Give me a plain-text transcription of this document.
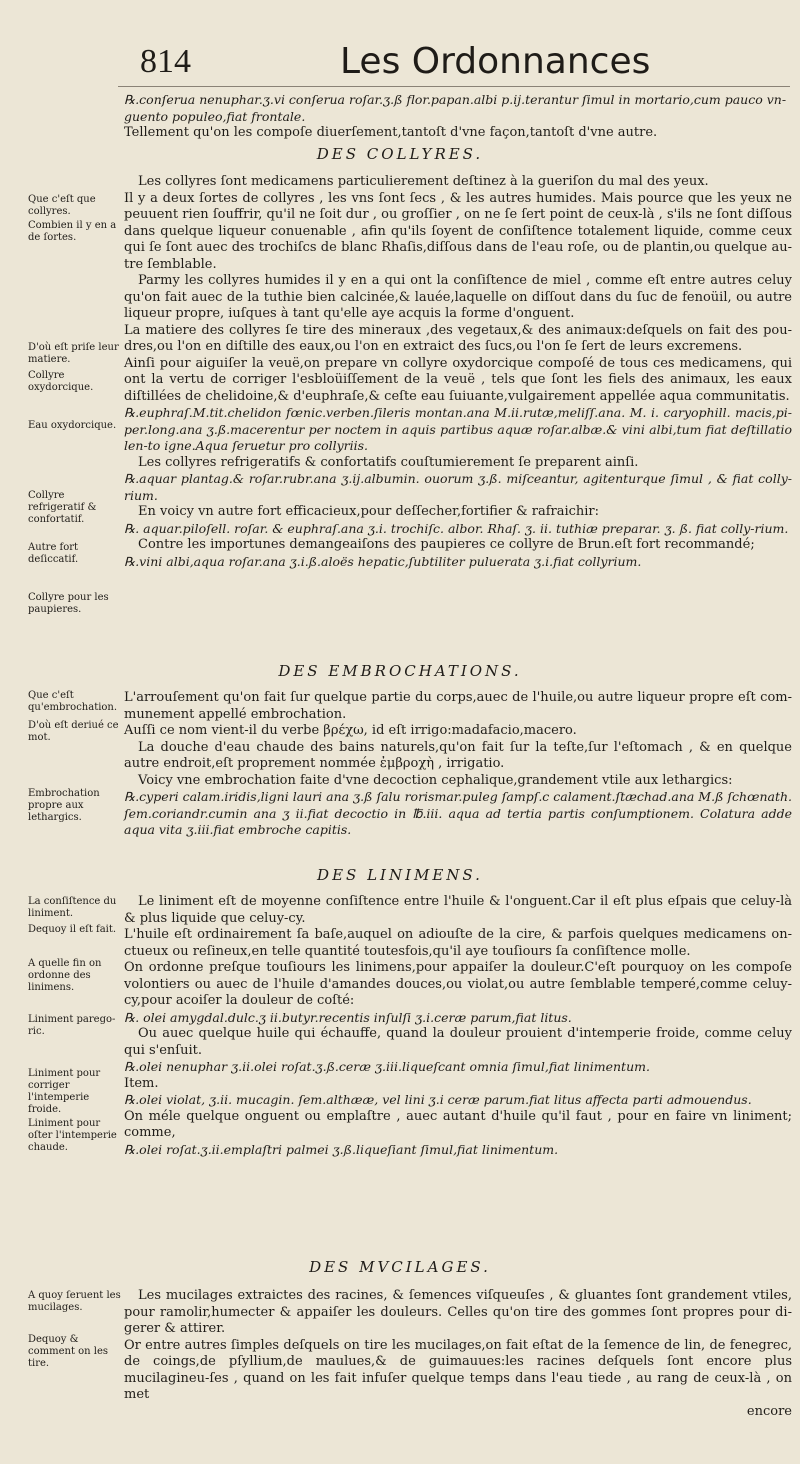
814	Les Ordonnances

℞.conſerua nenuphar.ʒ.vi conſerua roſar.ʒ.ß flor.papan.albi p.ij.terantur ſimul in mortario,cum pauco vn-

guento populeo,fiat frontale.

Tellement qu'on les compoſe diuerſement,tantoſt d'vne façon,tantoſt d'vne autre.

DES COLLYRES.

Les collyres ſont medicamens particulierement deſtinez à la gueriſon du mal des yeux.

Il y a deux ſortes de collyres , les vns ſont ſecs , & les autres humides. Mais pource que les yeux ne peuuent rien ſouffrir, qu'il ne ſoit dur , ou groſſier , on ne ſe ſert point de ceux-là , s'ils ne ſont diſſous dans quelque liqueur conuenable , afin qu'ils ſoyent de conſiſtence totalement liquide, comme ceux qui ſe ſont auec des trochiſcs de blanc Rhaſis,diſſous dans de l'eau roſe, ou de plantin,ou quelque au-tre ſemblable.

Parmy les collyres humides il y en a qui ont la conſiſtence de miel , comme eſt entre autres celuy qu'on fait auec de la tuthie bien calcinée,& lauée,laquelle on diſſout dans du ſuc de fenoüil, ou autre liqueur propre, iuſques à tant qu'elle aye acquis la forme d'onguent.

La matiere des collyres ſe tire des mineraux ,des vegetaux,& des animaux:deſquels on fait des pou-dres,ou l'on en diſtille des eaux,ou l'on en extraict des ſucs,ou l'on ſe ſert de leurs excremens.

Ainſi pour aiguiſer la veuë,on prepare vn collyre oxydorcique compoſé de tous ces medicamens, qui ont la vertu de corriger l'esbloüiſſement de la veuë , tels que ſont les fiels des animaux, les eaux diſtillées de chelidoine,& d'euphraſe,& ceſte eau ſuiuante,vulgairement appellée aqua communitatis.

℞.euphraſ.M.tit.chelidon fœnic.verben.ſileris montan.ana M.ii.rutæ,meliſſ.ana. M. i. caryophill. macis,pi-per.long.ana ʒ.ß.macerentur per noctem in aquis partibus aquæ roſar.albæ.& vini albi,tum fiat deſtillatio len-to igne.Aqua ſeruetur pro collyriis.

Les collyres refrigeratifs & confortatifs couſtumierement ſe preparent ainſi.

℞.aquar plantag.& roſar.rubr.ana ʒ.ij.albumin. ouorum ʒ.ß. miſceantur, agitenturque ſimul , & fiat colly-rium.

En voicy vn autre fort efficacieux,pour deſſecher,fortifier & rafraichir:

℞. aquar.piloſell. roſar. & euphraſ.ana ʒ.i. trochiſc. albor. Rhaſ. ʒ. ii. tuthiæ preparar. ʒ. ß. fiat colly-rium.

Contre les importunes demangeaiſons des paupieres ce collyre de Brun.eſt fort recommandé;

℞.vini albi,aqua roſar.ana ʒ.i.ß.aloës hepatic,ſubtiliter puluerata ʒ.i.fiat collyrium.

DES EMBROCHATIONS.

L'arrouſement qu'on fait ſur quelque partie du corps,auec de l'huile,ou autre liqueur propre eſt com-munement appellé embrochation.

Auſſi ce nom vient-il du verbe βρέχω, id eſt irrigo:madafacio,macero.

La douche d'eau chaude des bains naturels,qu'on fait ſur la teſte,ſur l'eſtomach , & en quelque autre endroit,eſt proprement nommée ἐμβροχὴ , irrigatio.

Voicy vne embrochation faite d'vne decoction cephalique,grandement vtile aux lethargics:

℞.cyperi calam.iridis,ligni lauri ana ʒ.ß ſalu rorismar.puleg ſampſ.c calament.ſtæchad.ana M.ß ſchœnath. ſem.coriandr.cumin ana ʒ ii.fiat decoctio in ℔.iii. aqua ad tertia partis conſumptionem. Colatura adde aqua vita ʒ.iii.fiat embroche capitis.

DES LINIMENS.

Le liniment eſt de moyenne conſiſtence entre l'huile & l'onguent.Car il eſt plus eſpais que celuy-là & plus liquide que celuy-cy.

L'huile eſt ordinairement ſa baſe,auquel on adiouſte de la cire, & parfois quelques medicamens on-ctueux ou reſineux,en telle quantité toutesfois,qu'il aye touſiours ſa conſiſtence molle.

On ordonne preſque touſiours les linimens,pour appaiſer la douleur.C'eſt pourquoy on les compoſe volontiers ou auec de l'huile d'amandes douces,ou violat,ou autre ſemblable temperé,comme celuy-cy,pour acoiſer la douleur de coſté:

℞. olei amygdal.dulc.ʒ ii.butyr.recentis inſulſi ʒ.i.ceræ parum,fiat litus.

Ou auec quelque huile qui échauffe, quand la douleur prouient d'intemperie froide, comme celuy qui s'enſuit.

℞.olei nenuphar ʒ.ii.olei roſat.ʒ.ß.ceræ ʒ.iii.liqueſcant omnia ſimul,fiat linimentum.

Item.

℞.olei violat, ʒ.ii. mucagin. ſem.althææ, vel lini ʒ.i ceræ parum.fiat litus affecta parti admouendus.

On méle quelque onguent ou emplaſtre , auec autant d'huile qu'il faut , pour en faire vn liniment; comme,

℞.olei roſat.ʒ.ii.emplaſtri palmei ʒ.ß.liqueſiant ſimul,fiat linimentum.

DES MVCILAGES.

Les mucilages extraictes des racines, & ſemences viſqueuſes , & gluantes ſont grandement vtiles, pour ramolir,humecter & appaiſer les douleurs. Celles qu'on tire des gommes ſont propres pour di-gerer & attirer.

Or entre autres ſimples deſquels on tire les mucilages,on fait eſtat de la ſemence de lin, de fenegrec, de coings,de pſyllium,de maulues,& de guimauues:les racines deſquels ſont encore plus mucilagineu-ſes , quand on les fait infuſer quelque temps dans l'eau tiede , au rang de ceux-là , on met

encore

Que c'eſt que collyres.
Combien il y en a de ſortes.
D'où eſt priſe leur matiere.
Collyre oxydorcique.
Eau oxydorcique.
Collyre refrigeratif & confortatif.
Autre fort deſiccatif.
Collyre pour les paupieres.
Que c'eſt qu'embrochation.
D'où eſt deriué ce mot.
Embrochation propre aux lethargics.
La conſiſtence du liniment.
Dequoy il eſt fait.
A quelle fin on ordonne des linimens.
Liniment parego-ric.
Liniment pour corriger l'intemperie froide.
Liniment pour oſter l'intemperie chaude.
A quoy ſeruent les mucilages.
Dequoy & comment on les tire.
